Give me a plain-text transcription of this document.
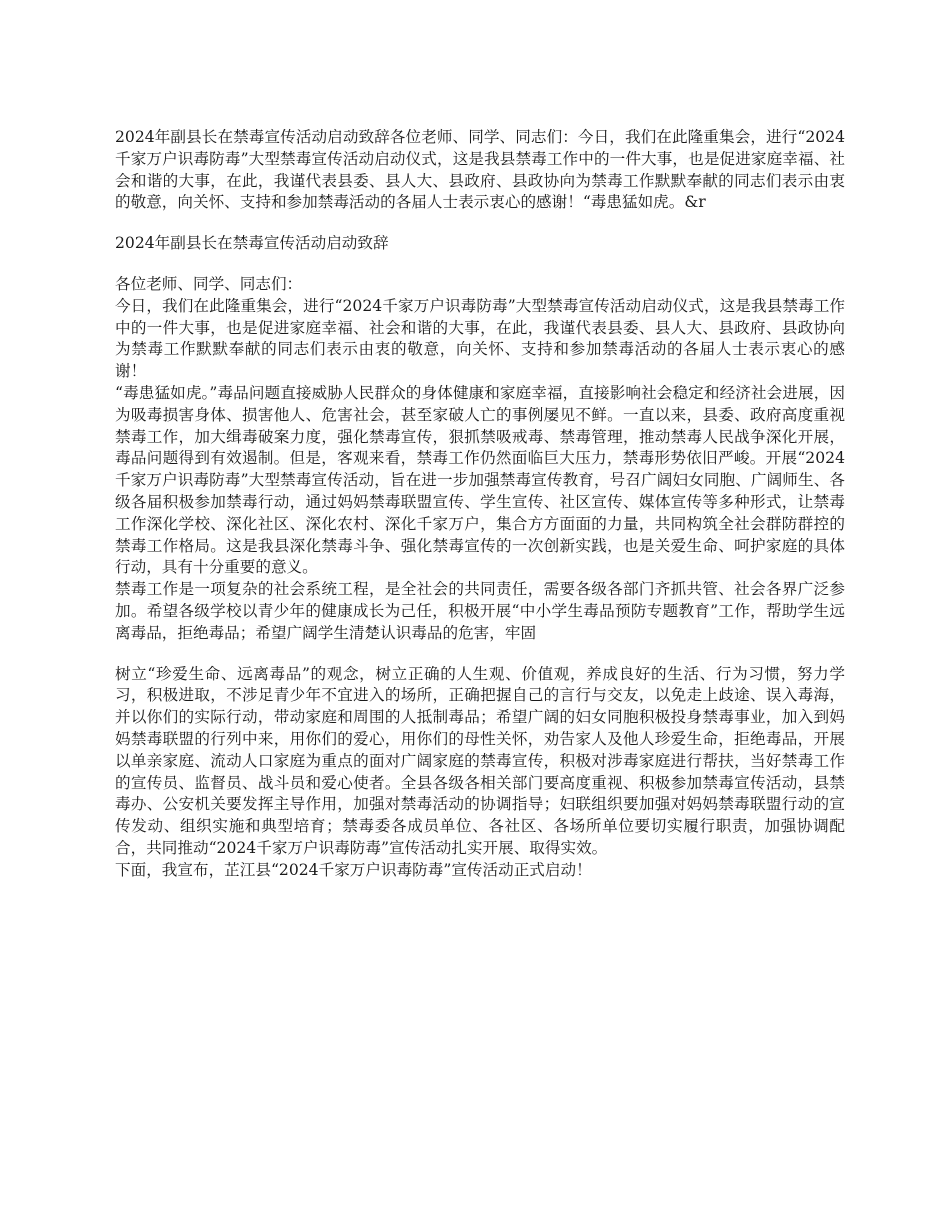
2024年副县长在禁毒宣传活动启动致辞各位老师、同学、同志们：今日，我们在此隆重集会，进行“2024千家万户识毒防毒”大型禁毒宣传活动启动仪式，这是我县禁毒工作中的一件大事，也是促进家庭幸福、社会和谐的大事，在此，我谨代表县委、县人大、县政府、县政协向为禁毒工作默默奉献的同志们表示由衷的敬意，向关怀、支持和参加禁毒活动的各届人士表示衷心的感谢！“毒患猛如虎。&r

2024年副县长在禁毒宣传活动启动致辞

各位老师、同学、同志们：

今日，我们在此隆重集会，进行“2024千家万户识毒防毒”大型禁毒宣传活动启动仪式，这是我县禁毒工作中的一件大事，也是促进家庭幸福、社会和谐的大事，在此，我谨代表县委、县人大、县政府、县政协向为禁毒工作默默奉献的同志们表示由衷的敬意，向关怀、支持和参加禁毒活动的各届人士表示衷心的感谢！
“毒患猛如虎。”毒品问题直接威胁人民群众的身体健康和家庭幸福，直接影响社会稳定和经济社会进展，因为吸毒损害身体、损害他人、危害社会，甚至家破人亡的事例屡见不鲜。一直以来，县委、政府高度重视禁毒工作，加大缉毒破案力度，强化禁毒宣传，狠抓禁吸戒毒、禁毒管理，推动禁毒人民战争深化开展，毒品问题得到有效遏制。但是，客观来看，禁毒工作仍然面临巨大压力，禁毒形势依旧严峻。开展“2024千家万户识毒防毒”大型禁毒宣传活动，旨在进一步加强禁毒宣传教育，号召广阔妇女同胞、广阔师生、各级各届积极参加禁毒行动，通过妈妈禁毒联盟宣传、学生宣传、社区宣传、媒体宣传等多种形式，让禁毒工作深化学校、深化社区、深化农村、深化千家万户，集合方方面面的力量，共同构筑全社会群防群控的禁毒工作格局。这是我县深化禁毒斗争、强化禁毒宣传的一次创新实践，也是关爱生命、呵护家庭的具体行动，具有十分重要的意义。
禁毒工作是一项复杂的社会系统工程，是全社会的共同责任，需要各级各部门齐抓共管、社会各界广泛参加。希望各级学校以青少年的健康成长为己任，积极开展“中小学生毒品预防专题教育”工作，帮助学生远离毒品，拒绝毒品；希望广阔学生清楚认识毒品的危害，牢固

树立“珍爱生命、远离毒品”的观念，树立正确的人生观、价值观，养成良好的生活、行为习惯，努力学习，积极进取，不涉足青少年不宜进入的场所，正确把握自己的言行与交友，以免走上歧途、误入毒海，并以你们的实际行动，带动家庭和周围的人抵制毒品；希望广阔的妇女同胞积极投身禁毒事业，加入到妈妈禁毒联盟的行列中来，用你们的爱心，用你们的母性关怀，劝告家人及他人珍爱生命，拒绝毒品，开展以单亲家庭、流动人口家庭为重点的面对广阔家庭的禁毒宣传，积极对涉毒家庭进行帮扶，当好禁毒工作的宣传员、监督员、战斗员和爱心使者。全县各级各相关部门要高度重视、积极参加禁毒宣传活动，县禁毒办、公安机关要发挥主导作用，加强对禁毒活动的协调指导；妇联组织要加强对妈妈禁毒联盟行动的宣传发动、组织实施和典型培育；禁毒委各成员单位、各社区、各场所单位要切实履行职责，加强协调配合，共同推动“2024千家万户识毒防毒”宣传活动扎实开展、取得实效。
下面，我宣布，芷江县“2024千家万户识毒防毒”宣传活动正式启动！
